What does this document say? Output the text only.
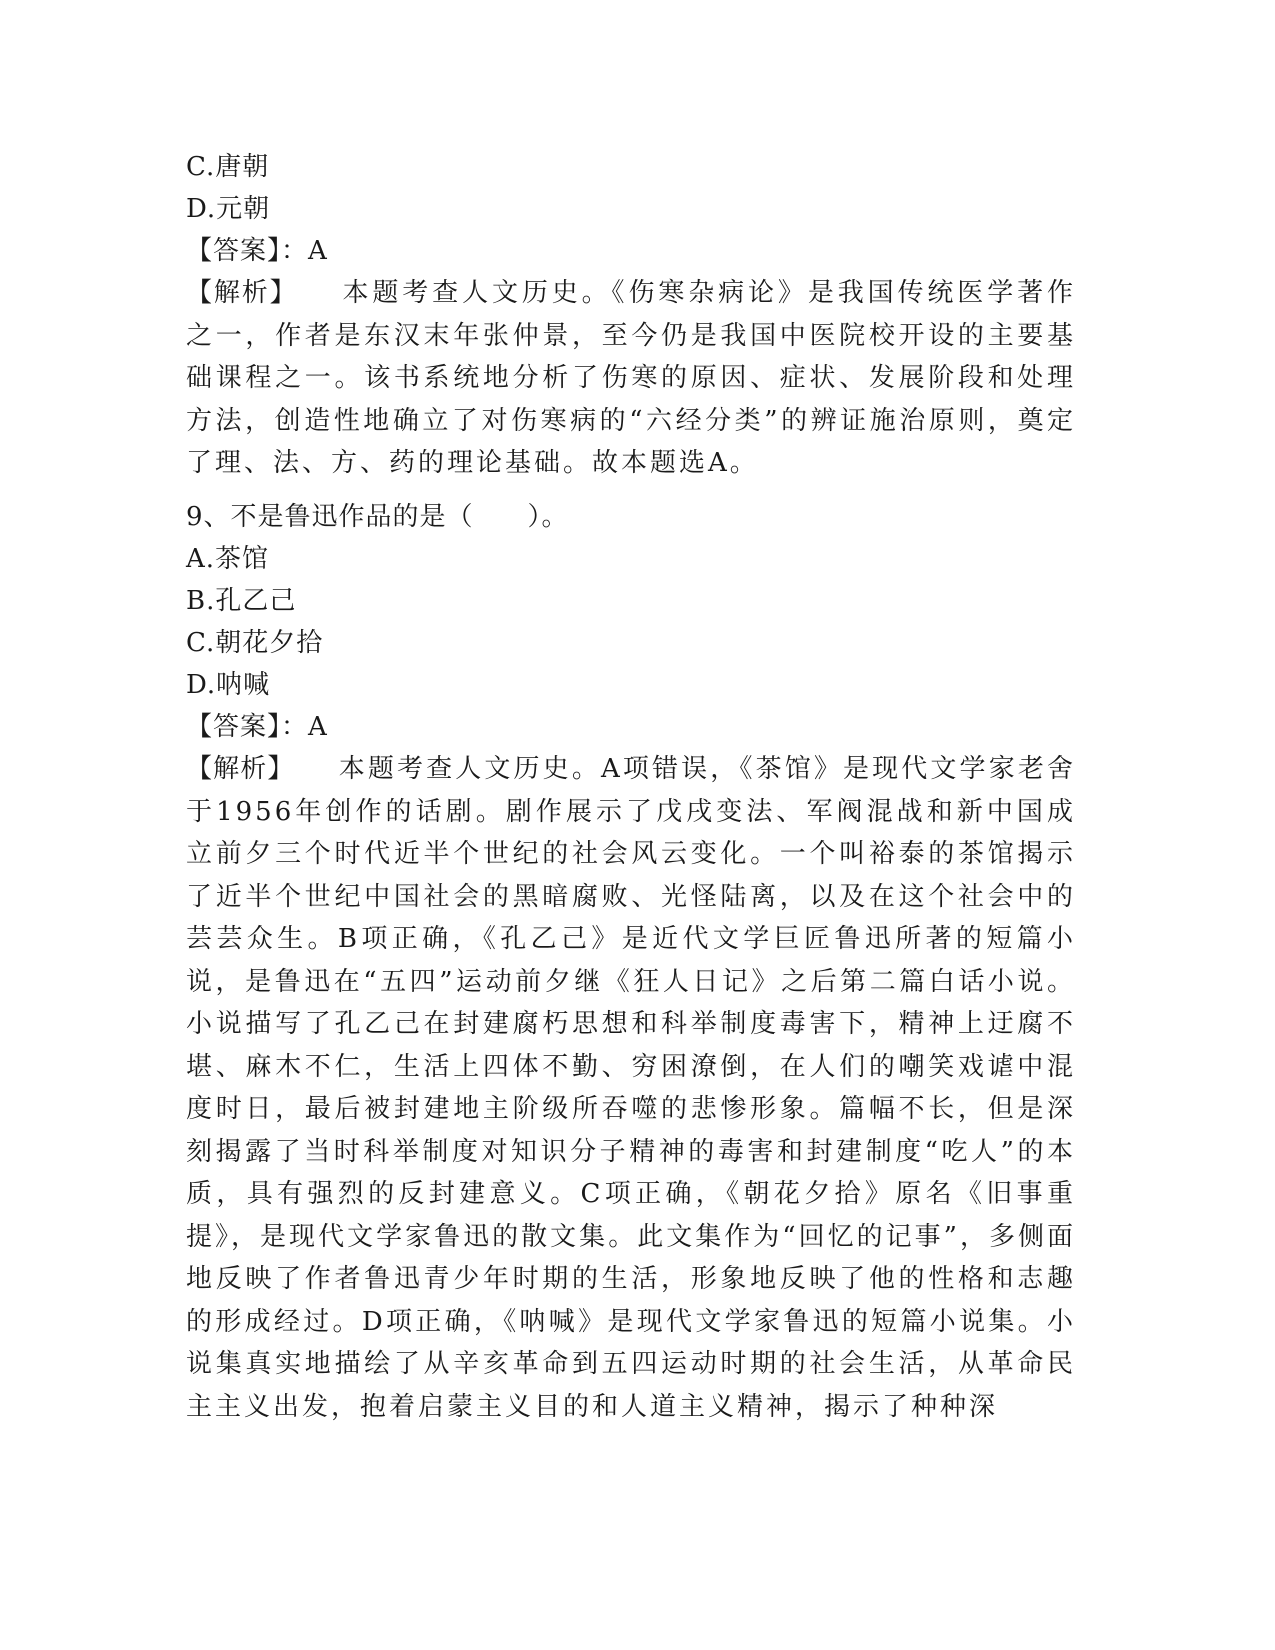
C.唐朝
D.元朝
【答案】：A

【解析】 本题考查人文历史。《伤寒杂病论》是我国传统医学著作之一，作者是东汉末年张仲景，至今仍是我国中医院校开设的主要基础课程之一。该书系统地分析了伤寒的原因、症状、发展阶段和处理方法，创造性地确立了对伤寒病的“六经分类”的辨证施治原则，奠定了理、法、方、药的理论基础。故本题选A。

9、不是鲁迅作品的是（　　）。
A.茶馆
B.孔乙己
C.朝花夕拾
D.呐喊
【答案】：A

【解析】 本题考查人文历史。A项错误，《茶馆》是现代文学家老舍于1956年创作的话剧。剧作展示了戊戌变法、军阀混战和新中国成立前夕三个时代近半个世纪的社会风云变化。一个叫裕泰的茶馆揭示了近半个世纪中国社会的黑暗腐败、光怪陆离，以及在这个社会中的芸芸众生。B项正确，《孔乙己》是近代文学巨匠鲁迅所著的短篇小说，是鲁迅在“五四”运动前夕继《狂人日记》之后第二篇白话小说。小说描写了孔乙己在封建腐朽思想和科举制度毒害下，精神上迂腐不堪、麻木不仁，生活上四体不勤、穷困潦倒，在人们的嘲笑戏谑中混度时日，最后被封建地主阶级所吞噬的悲惨形象。篇幅不长，但是深刻揭露了当时科举制度对知识分子精神的毒害和封建制度“吃人”的本质，具有强烈的反封建意义。C项正确，《朝花夕拾》原名《旧事重提》，是现代文学家鲁迅的散文集。此文集作为“回忆的记事”，多侧面地反映了作者鲁迅青少年时期的生活，形象地反映了他的性格和志趣的形成经过。D项正确，《呐喊》是现代文学家鲁迅的短篇小说集。小说集真实地描绘了从辛亥革命到五四运动时期的社会生活，从革命民主主义出发，抱着启蒙主义目的和人道主义精神，揭示了种种深
